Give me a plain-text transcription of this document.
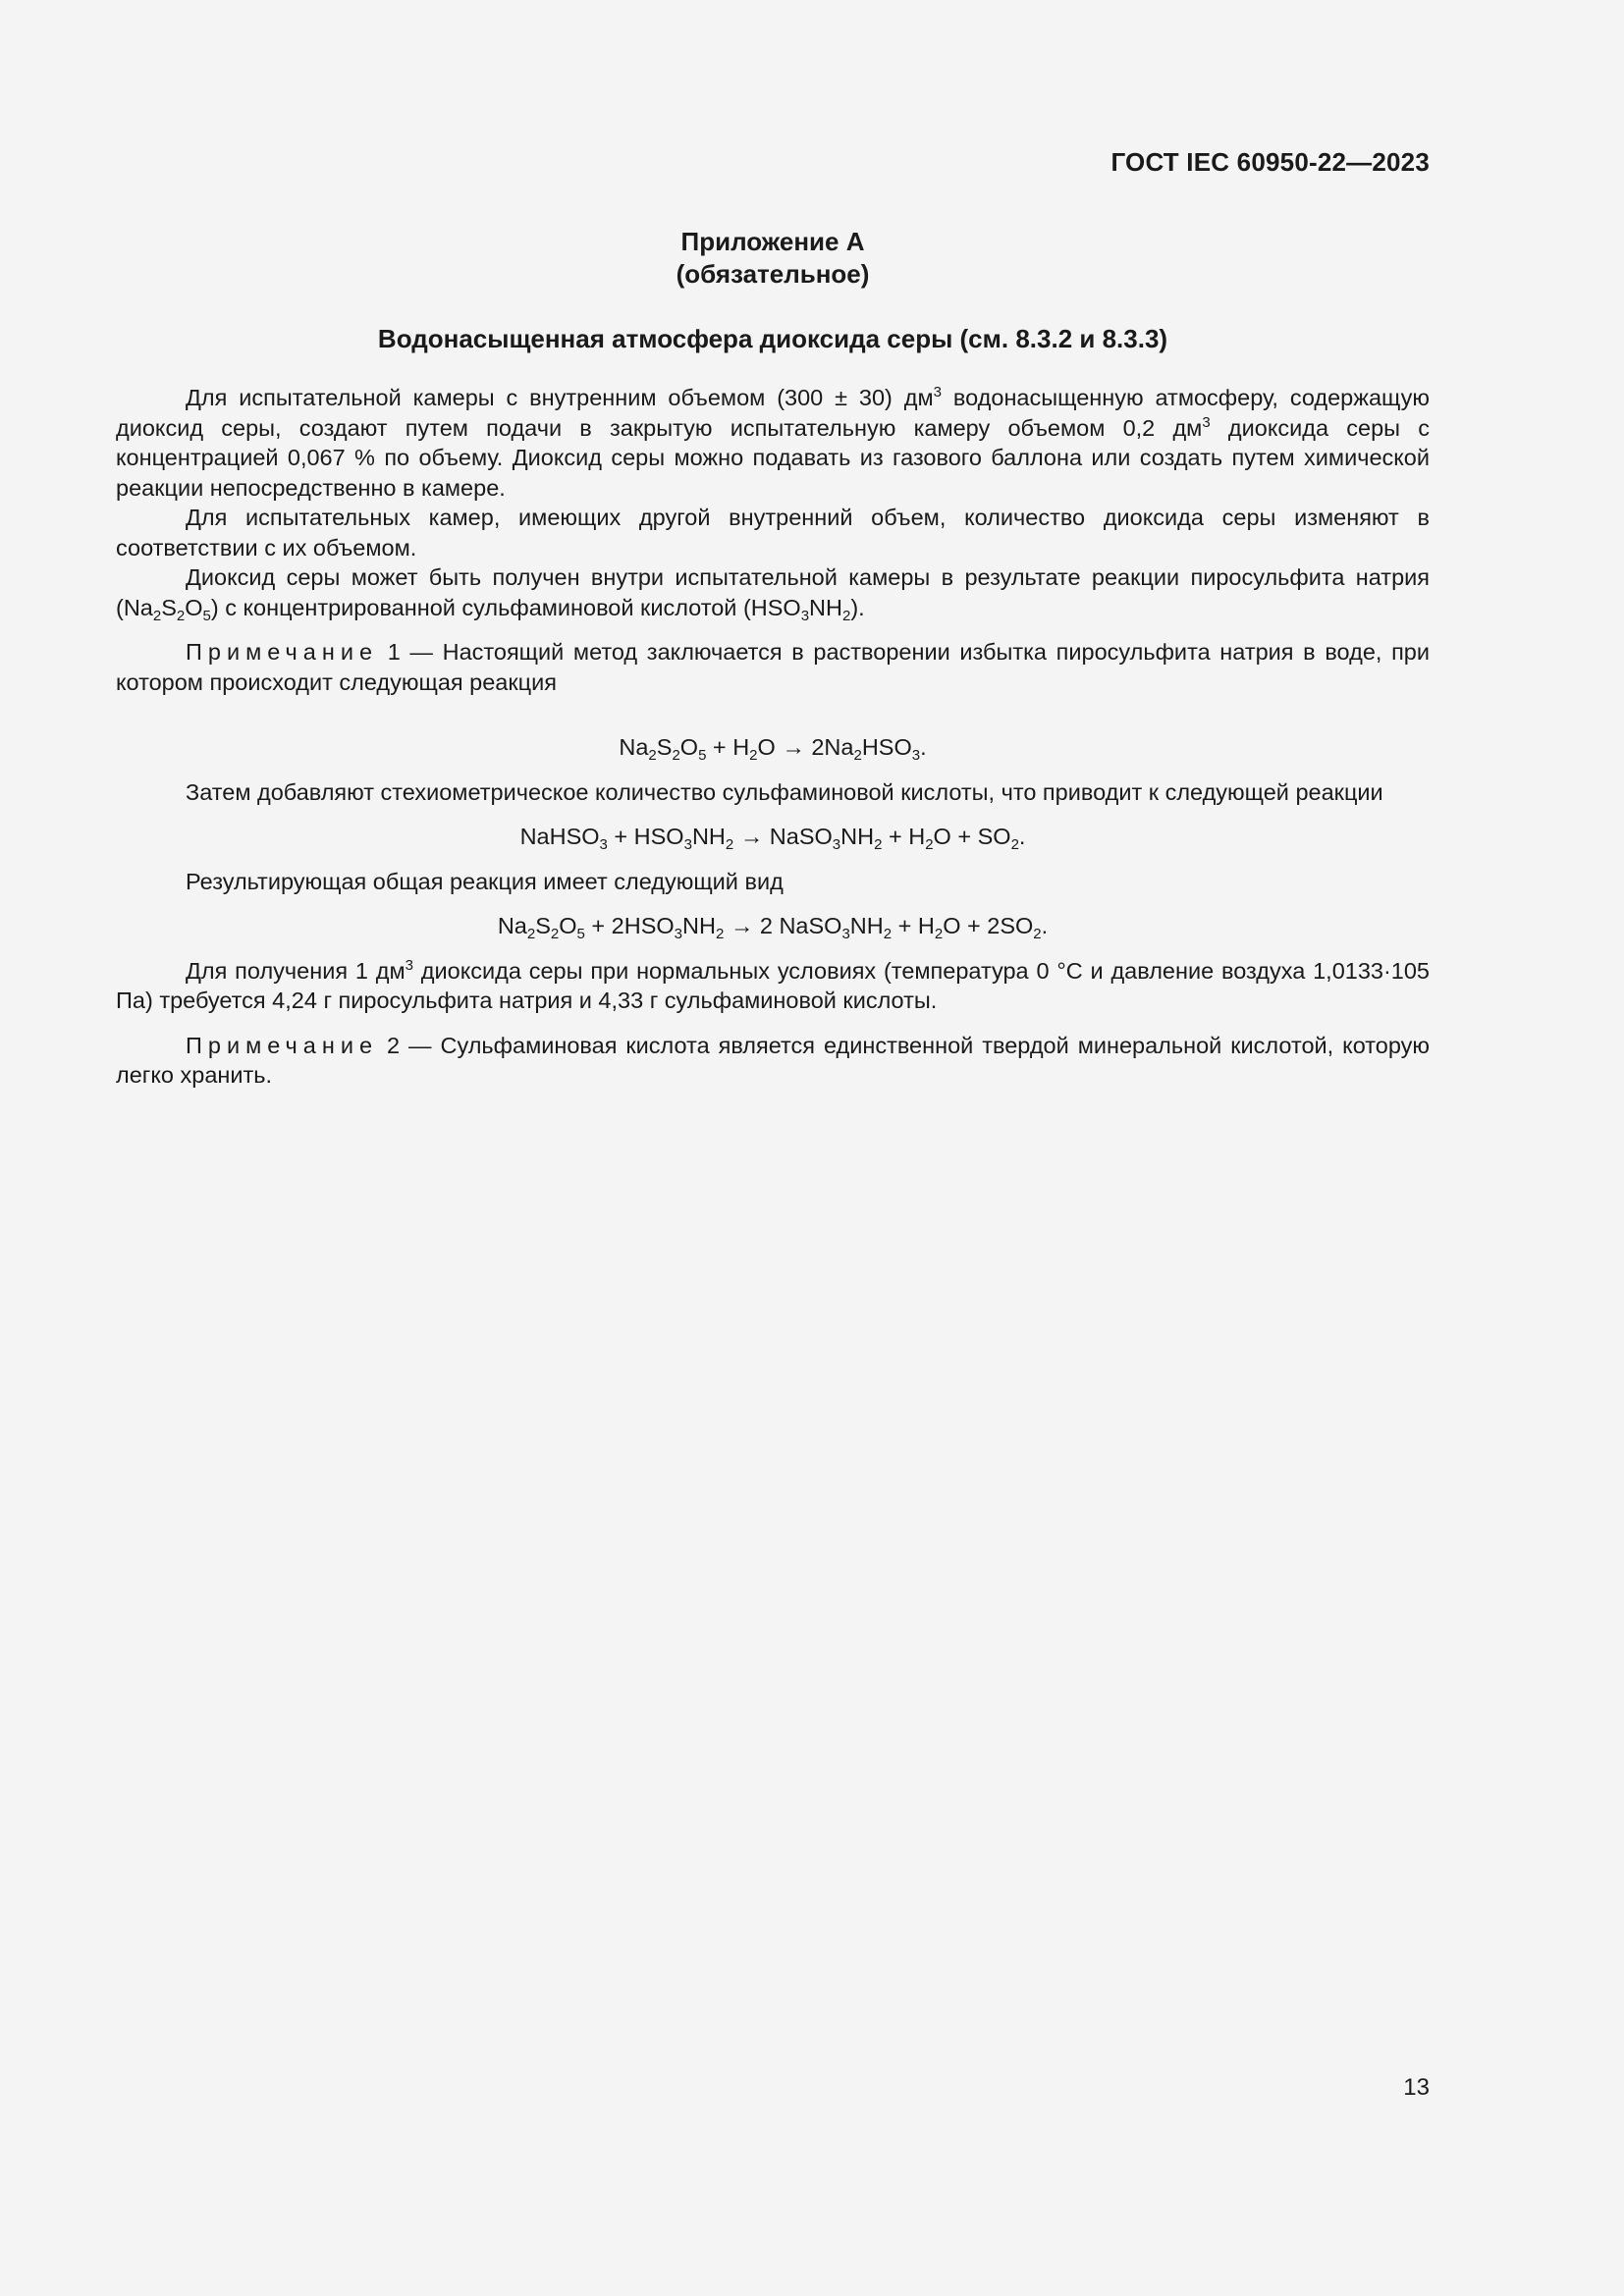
ГОСТ IEC 60950-22—2023
Приложение А
(обязательное)
Водонасыщенная атмосфера диоксида серы (см. 8.3.2 и 8.3.3)

Для испытательной камеры с внутренним объемом (300 ± 30) $дм^3$ водонасыщенную атмосферу, содержащую диоксид серы, создают путем подачи в закрытую испытательную камеру объемом 0,2 $дм^3$ диоксида серы с концентрацией 0,067 % по объему. Диоксид серы можно подавать из газового баллона или создать путем химической реакции непосредственно в камере.

Для испытательных камер, имеющих другой внутренний объем, количество диоксида серы изменяют в соответствии с их объемом.

Диоксид серы может быть получен внутри испытательной камеры в результате реакции пиросульфита натрия $(Na_2S_2O_5)$ с концентрированной сульфаминовой кислотой $(HSO_3NH_2)$.

Примечание 1 — Настоящий метод заключается в растворении избытка пиросульфита натрия в воде, при котором происходит следующая реакция

$Na_2S_2O_5 + H_2O \to 2Na_2HSO_3$.

Затем добавляют стехиометрическое количество сульфаминовой кислоты, что приводит к следующей реакции

NaHSO$_3$ + $HSO_3NH_2$ → $NaSO_3NH_2 + H_2O + SO_2$.

Результирующая общая реакция имеет следующий вид

$Na_2S_2O_5 + 2HSO_3NH_2 \to 2$ $NaSO_3NH_2 + H_2O + 2SO_2$.

Для получения 1 $дм^3$ диоксида серы при нормальных условиях (температура 0 °С и давление воздуха 1,0133·105 Па) требуется 4,24 г пиросульфита натрия и 4,33 г сульфаминовой кислоты.

Примечание 2 — Сульфаминовая кислота является единственной твердой минеральной кислотой, которую легко хранить.

13
